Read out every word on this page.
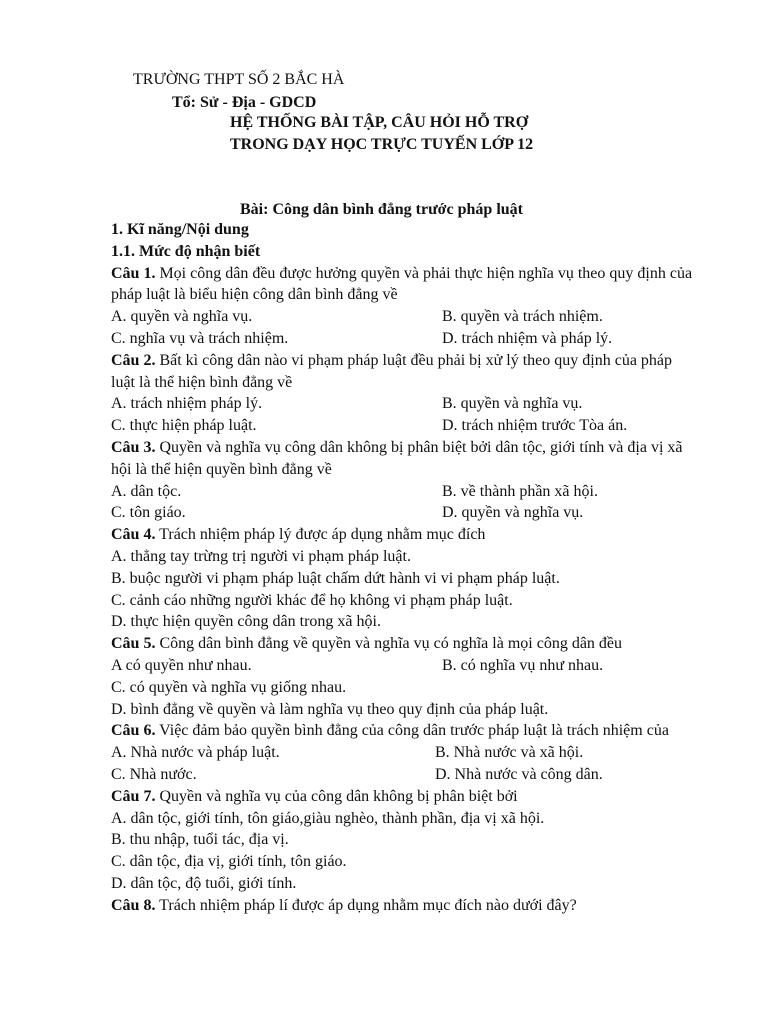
TRƯỜNG THPT SỐ 2 BẮC HÀ
Tổ: Sử - Địa - GDCD
HỆ THỐNG BÀI TẬP, CÂU HỎI HỖ TRỢ
TRONG DẠY HỌC TRỰC TUYẾN LỚP 12
Bài: Công dân bình đẳng trước pháp luật
1. Kĩ năng/Nội dung
1.1. Mức độ nhận biết
Câu 1. Mọi công dân đều được hưởng quyền và phải thực hiện nghĩa vụ theo quy định của pháp luật là biểu hiện công dân bình đẳng về
A. quyền và nghĩa vụ.	B. quyền và trách nhiệm.
C. nghĩa vụ và trách nhiệm.	D. trách nhiệm và pháp lý.
Câu 2. Bất kì công dân nào vi phạm pháp luật đều phải bị xử lý theo quy định của pháp luật là thể hiện bình đẳng về
A. trách nhiệm pháp lý.	B. quyền và nghĩa vụ.
C. thực hiện pháp luật.	D. trách nhiệm trước Tòa án.
Câu 3. Quyền và nghĩa vụ công dân không bị phân biệt bởi dân tộc, giới tính và địa vị xã hội là thể hiện quyền bình đẳng về
A. dân tộc.	B. về thành phần xã hội.
C. tôn giáo.	D. quyền và nghĩa vụ.
Câu 4. Trách nhiệm pháp lý được áp dụng nhằm mục đích
A. thẳng tay trừng trị người vi phạm pháp luật.
B. buộc người vi phạm pháp luật chấm dứt hành vi vi phạm pháp luật.
C. cảnh cáo những người khác để họ không vi phạm pháp luật.
D. thực hiện quyền công dân trong xã hội.
Câu 5. Công dân bình đẳng về quyền và nghĩa vụ có nghĩa là mọi công dân đều
A có quyền như nhau.	B. có nghĩa vụ như nhau.
C. có quyền và nghĩa vụ giống nhau.
D. bình đẳng về quyền và làm nghĩa vụ theo quy định của pháp luật.
Câu 6. Việc đảm bảo quyền bình đẳng của công dân trước pháp luật là trách nhiệm của
A. Nhà nước và pháp luật.	B. Nhà nước và xã hội.
C. Nhà nước.	D. Nhà nước và công dân.
Câu 7. Quyền và nghĩa vụ của công dân không bị phân biệt bởi
A. dân tộc, giới tính, tôn giáo,giàu nghèo, thành phần, địa vị xã hội.
B. thu nhập, tuổi tác, địa vị.
C. dân tộc, địa vị, giới tính, tôn giáo.
D. dân tộc, độ tuổi, giới tính.
Câu 8. Trách nhiệm pháp lí được áp dụng nhằm mục đích nào dưới đây?
